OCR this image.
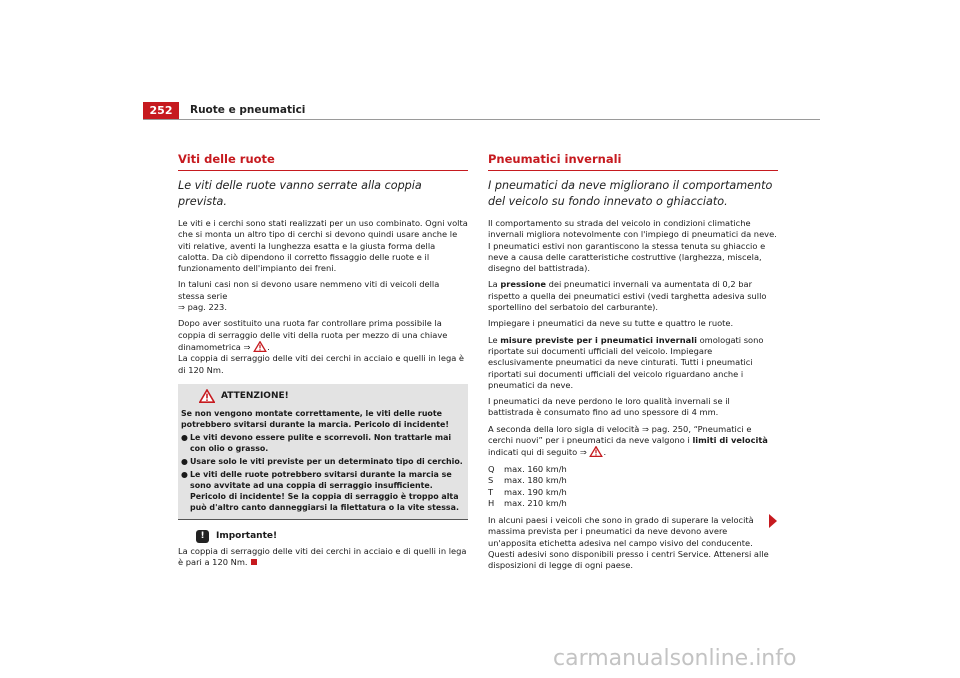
252	Ruote e pneumatici
Viti delle ruote
Le viti delle ruote vanno serrate alla coppia prevista.

Le viti e i cerchi sono stati realizzati per un uso combinato. Ogni volta che si monta un altro tipo di cerchi si devono quindi usare anche le viti relative, aventi la lunghezza esatta e la giusta forma della calotta. Da ciò dipendono il corretto fissaggio delle ruote e il funzionamento dell'impianto dei freni.

In taluni casi non si devono usare nemmeno viti di veicoli della stessa serie
⇒ pag. 223.

Dopo aver sostituito una ruota far controllare prima possibile la coppia di serraggio delle viti della ruota per mezzo di una chiave dinamometrica ⇒ .
La coppia di serraggio delle viti dei cerchi in acciaio e quelli in lega è di 120 Nm.

ATTENZIONE!

Se non vengono montate correttamente, le viti delle ruote potrebbero svitarsi durante la marcia. Pericolo di incidente!

● Le viti devono essere pulite e scorrevoli. Non trattarle mai con olio o grasso.

● Usare solo le viti previste per un determinato tipo di cerchio.

● Le viti delle ruote potrebbero svitarsi durante la marcia se sono avvitate ad una coppia di serraggio insufficiente. Pericolo di incidente! Se la coppia di serraggio è troppo alta può d'altro canto danneggiarsi la filettatura o la vite stessa.

!	Importante!

La coppia di serraggio delle viti dei cerchi in acciaio e di quelli in lega è pari a 120 Nm.

Pneumatici invernali
I pneumatici da neve migliorano il comportamento del veicolo su fondo innevato o ghiacciato.

Il comportamento su strada del veicolo in condizioni climatiche invernali migliora notevolmente con l'impiego di pneumatici da neve. I pneumatici estivi non garantiscono la stessa tenuta su ghiaccio e neve a causa delle caratteristiche costruttive (larghezza, miscela, disegno del battistrada).

La pressione dei pneumatici invernali va aumentata di 0,2 bar rispetto a quella dei pneumatici estivi (vedi targhetta adesiva sullo sportellino del serbatoio del carburante).

Impiegare i pneumatici da neve su tutte e quattro le ruote.

Le misure previste per i pneumatici invernali omologati sono riportate sui documenti ufficiali del veicolo. Impiegare esclusivamente pneumatici da neve cinturati. Tutti i pneumatici riportati sui documenti ufficiali del veicolo riguardano anche i pneumatici da neve.

I pneumatici da neve perdono le loro qualità invernali se il battistrada è consumato fino ad uno spessore di 4 mm.

A seconda della loro sigla di velocità ⇒ pag. 250, “Pneumatici e cerchi nuovi” per i pneumatici da neve valgono i limiti di velocità indicati qui di seguito ⇒ .

Q	max. 160 km/h
S	max. 180 km/h
T	max. 190 km/h
H	max. 210 km/h

In alcuni paesi i veicoli che sono in grado di superare la velocità massima prevista per i pneumatici da neve devono avere un'apposita etichetta adesiva nel campo visivo del conducente. Questi adesivi sono disponibili presso i centri Service. Attenersi alle disposizioni di legge di ogni paese.

carmanualsonline.info
